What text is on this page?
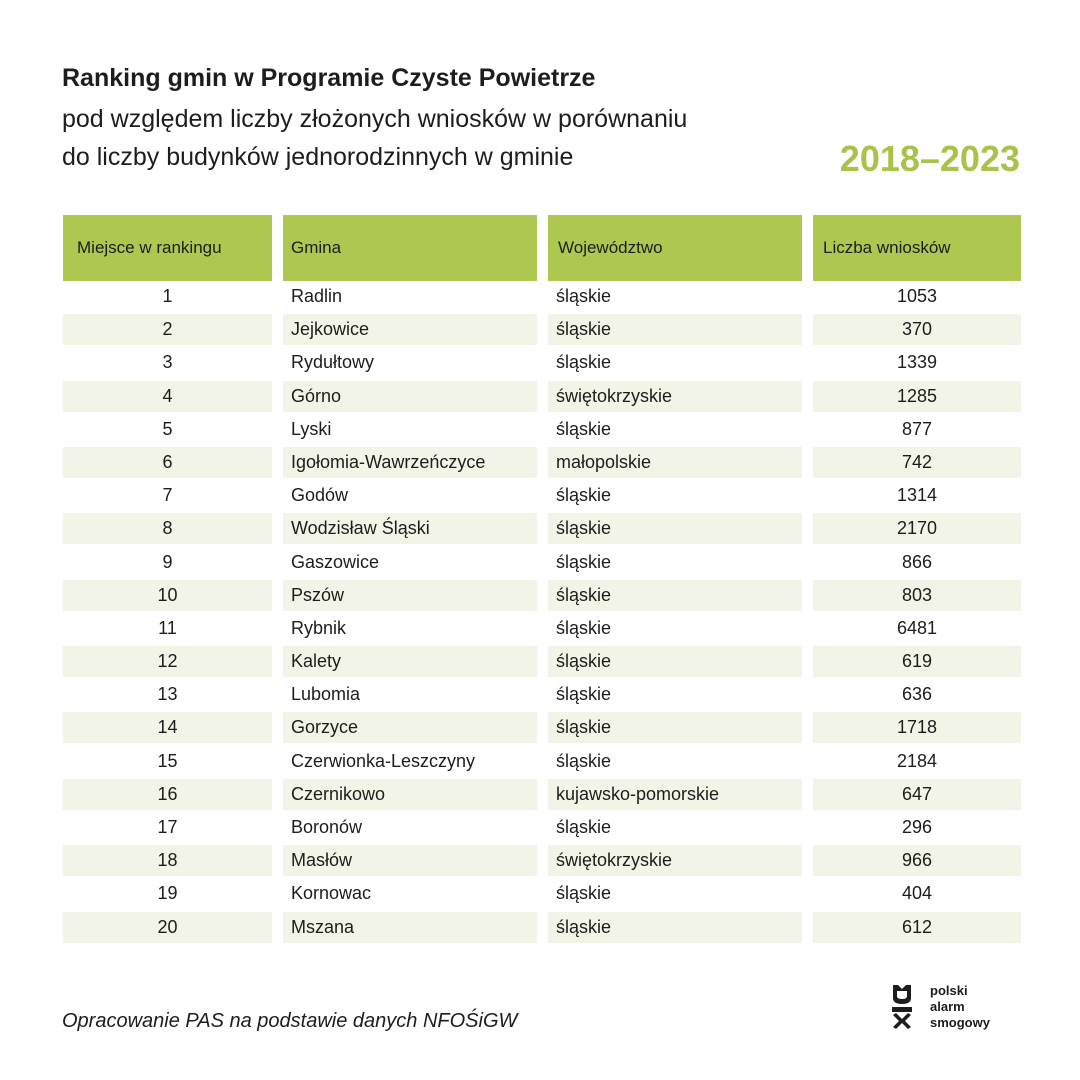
Ranking gmin w Programie Czyste Powietrze
pod względem liczby złożonych wniosków w porównaniu
do liczby budynków jednorodzinnych w gminie	2018–2023
Miejsce w rankingu	Gmina	Województwo	Liczba wniosków
1	Radlin	śląskie	1053
2	Jejkowice	śląskie	370
3	Rydułtowy	śląskie	1339
4	Górno	świętokrzyskie	1285
5	Lyski	śląskie	877
6	Igołomia-Wawrzeńczyce	małopolskie	742
7	Godów	śląskie	1314
8	Wodzisław Śląski	śląskie	2170
9	Gaszowice	śląskie	866
10	Pszów	śląskie	803
11	Rybnik	śląskie	6481
12	Kalety	śląskie	619
13	Lubomia	śląskie	636
14	Gorzyce	śląskie	1718
15	Czerwionka-Leszczyny	śląskie	2184
16	Czernikowo	kujawsko-pomorskie	647
17	Boronów	śląskie	296
18	Masłów	świętokrzyskie	966
19	Kornowac	śląskie	404
20	Mszana	śląskie	612
Opracowanie PAS na podstawie danych NFOŚiGW
polski
alarm
smogowy
